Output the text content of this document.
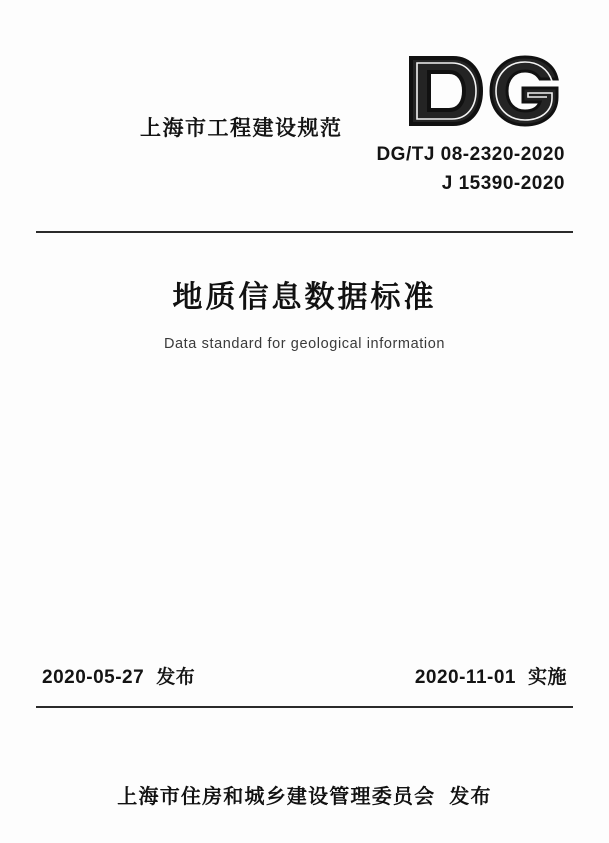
上海市工程建设规范
DG/TJ 08-2320-2020
J 15390-2020
地质信息数据标准
Data standard for geological information
2020-05-27 发布	2020-11-01 实施
上海市住房和城乡建设管理委员会 发布
